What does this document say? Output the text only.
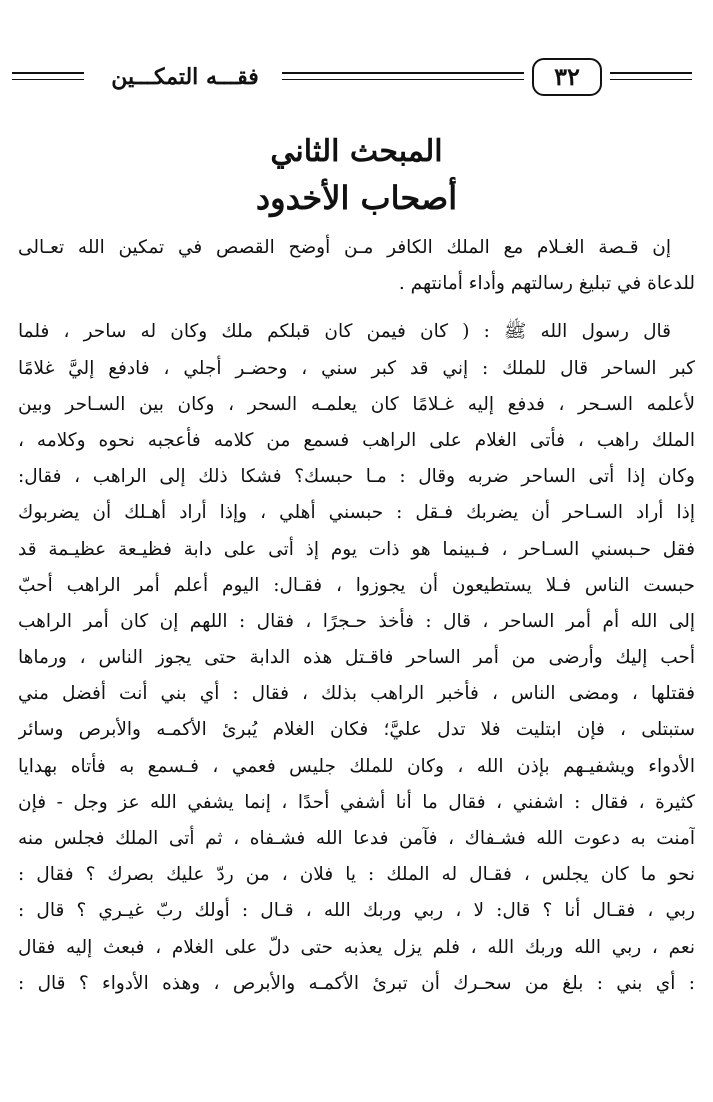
٣٢
فقـــه التمكـــين
المبحث الثاني
أصحاب الأخدود
إن قـصة الغـلام مع الملك الكافر مـن أوضح القصص في تمكين الله تعـالى
للدعاة في تبليغ رسالتهم وأداء أمانتهم .
قال رسول الله ﷺ : ( كان فيمن كان قبلكم ملك وكان له ساحر ، فلما
كبر الساحر قال للملك : إني قد كبر سني ، وحضـر أجلي ، فادفع إليَّ غلامًا
لأعلمه السـحر ، فدفع إليه غـلامًا كان يعلمـه السحر ، وكان بين السـاحر وبين
الملك راهب ، فأتى الغلام على الراهب فسمع من كلامه فأعجبه نحوه وكلامه ،
وكان إذا أتى الساحر ضربه وقال : مـا حبسك؟ فشكا ذلك إلى الراهب ، فقال:
إذا أراد السـاحر أن يضربك فـقل : حبسني أهلي ، وإذا أراد أهـلك أن يضربوك
فقل حـبسني السـاحر ، فـبينما هو ذات يوم إذ أتى على دابة فظيـعة عظيـمة قد
حبست الناس فـلا يستطيعون أن يجوزوا ، فقـال: اليوم أعلم أمر الراهب أحبّ
إلى الله أم أمر الساحر ، قال : فأخذ حـجرًا ، فقال : اللهم إن كان أمر الراهب
أحب إليك وأرضى من أمر الساحر فاقـتل هذه الدابة حتى يجوز الناس ، ورماها
فقتلها ، ومضى الناس ، فأخبر الراهب بذلك ، فقال : أي بني أنت أفضل مني
ستبتلى ، فإن ابتليت فلا تدل عليَّ؛ فكان الغلام يُبرئ الأكمـه والأبرص وسائر
الأدواء ويشفيـهم بإذن الله ، وكان للملك جليس فعمي ، فـسمع به فأتاه بهدايا
كثيرة ، فقال : اشفني ، فقال ما أنا أشفي أحدًا ، إنما يشفي الله عز وجل - فإن
آمنت به دعوت الله فشـفاك ، فآمن فدعا الله فشـفاه ، ثم أتى الملك فجلس منه
نحو ما كان يجلس ، فقـال له الملك : يا فلان ، من ردّ عليك بصرك ؟ فقال :
ربي ، فقـال أنا ؟ قال: لا ، ربي وربك الله ، قـال : أولك ربّ غيـري ؟ قال :
نعم ، ربي الله وربك الله ، فلم يزل يعذبه حتى دلّ على الغلام ، فبعث إليه فقال
: أي بني : بلغ من سحـرك أن تبرئ الأكمـه والأبرص ، وهذه الأدواء ؟ قال :
